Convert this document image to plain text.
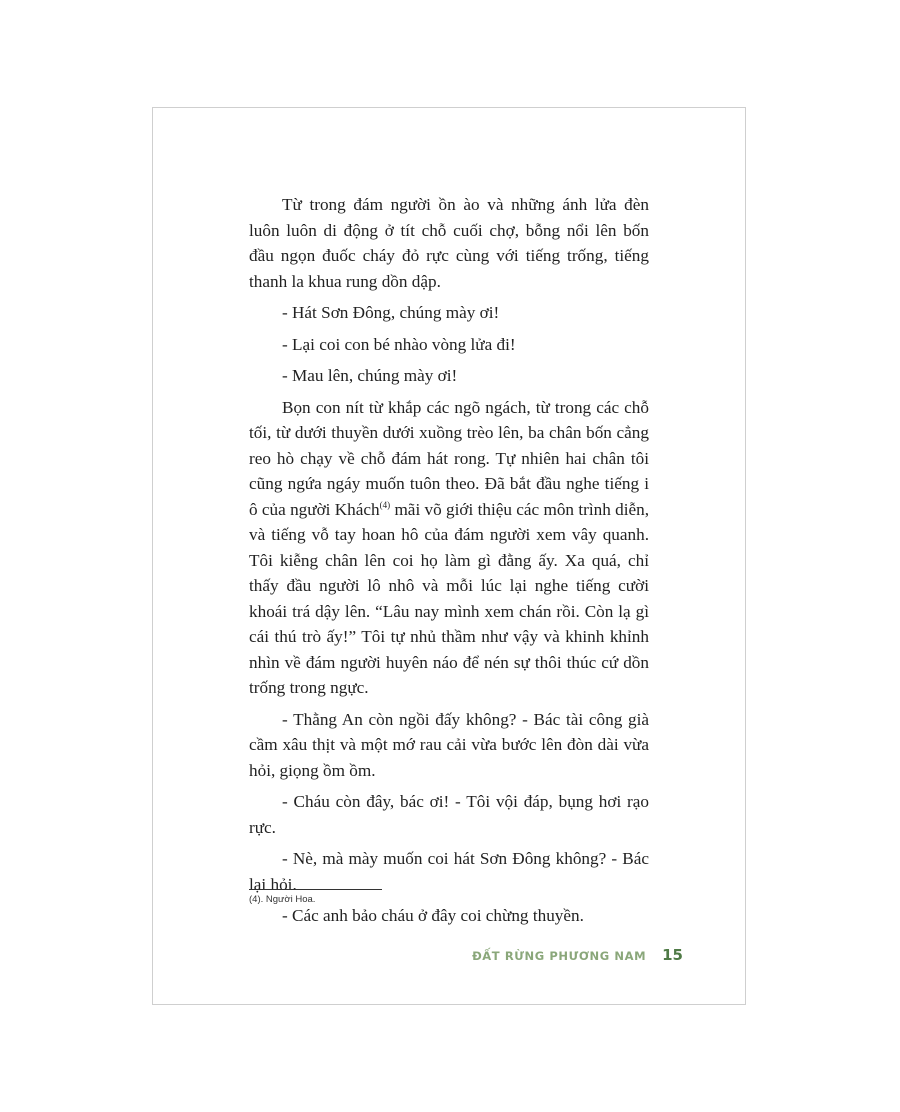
Từ trong đám người ồn ào và những ánh lửa đèn luôn luôn di động ở tít chỗ cuối chợ, bỗng nổi lên bốn đầu ngọn đuốc cháy đỏ rực cùng với tiếng trống, tiếng thanh la khua rung dồn dập.

- Hát Sơn Đông, chúng mày ơi!

- Lại coi con bé nhào vòng lửa đi!

- Mau lên, chúng mày ơi!

Bọn con nít từ khắp các ngõ ngách, từ trong các chỗ tối, từ dưới thuyền dưới xuồng trèo lên, ba chân bốn cẳng reo hò chạy về chỗ đám hát rong. Tự nhiên hai chân tôi cũng ngứa ngáy muốn tuôn theo. Đã bắt đầu nghe tiếng i ô của người Khách$^{(4)}$ mãi võ giới thiệu các môn trình diễn, và tiếng vỗ tay hoan hô của đám người xem vây quanh. Tôi kiễng chân lên coi họ làm gì đằng ấy. Xa quá, chỉ thấy đầu người lô nhô và mỗi lúc lại nghe tiếng cười khoái trá dậy lên. “Lâu nay mình xem chán rồi. Còn lạ gì cái thú trò ấy!” Tôi tự nhủ thầm như vậy và khinh khỉnh nhìn về đám người huyên náo để nén sự thôi thúc cứ dồn trống trong ngực.

- Thằng An còn ngồi đấy không? - Bác tài công già cầm xâu thịt và một mớ rau cải vừa bước lên đòn dài vừa hỏi, giọng ồm ồm.

- Cháu còn đây, bác ơi! - Tôi vội đáp, bụng hơi rạo rực.

- Nè, mà mày muốn coi hát Sơn Đông không? - Bác lại hỏi.

- Các anh bảo cháu ở đây coi chừng thuyền.

(4). Người Hoa.
ĐẤT RỪNG PHƯƠNG NAM 15
